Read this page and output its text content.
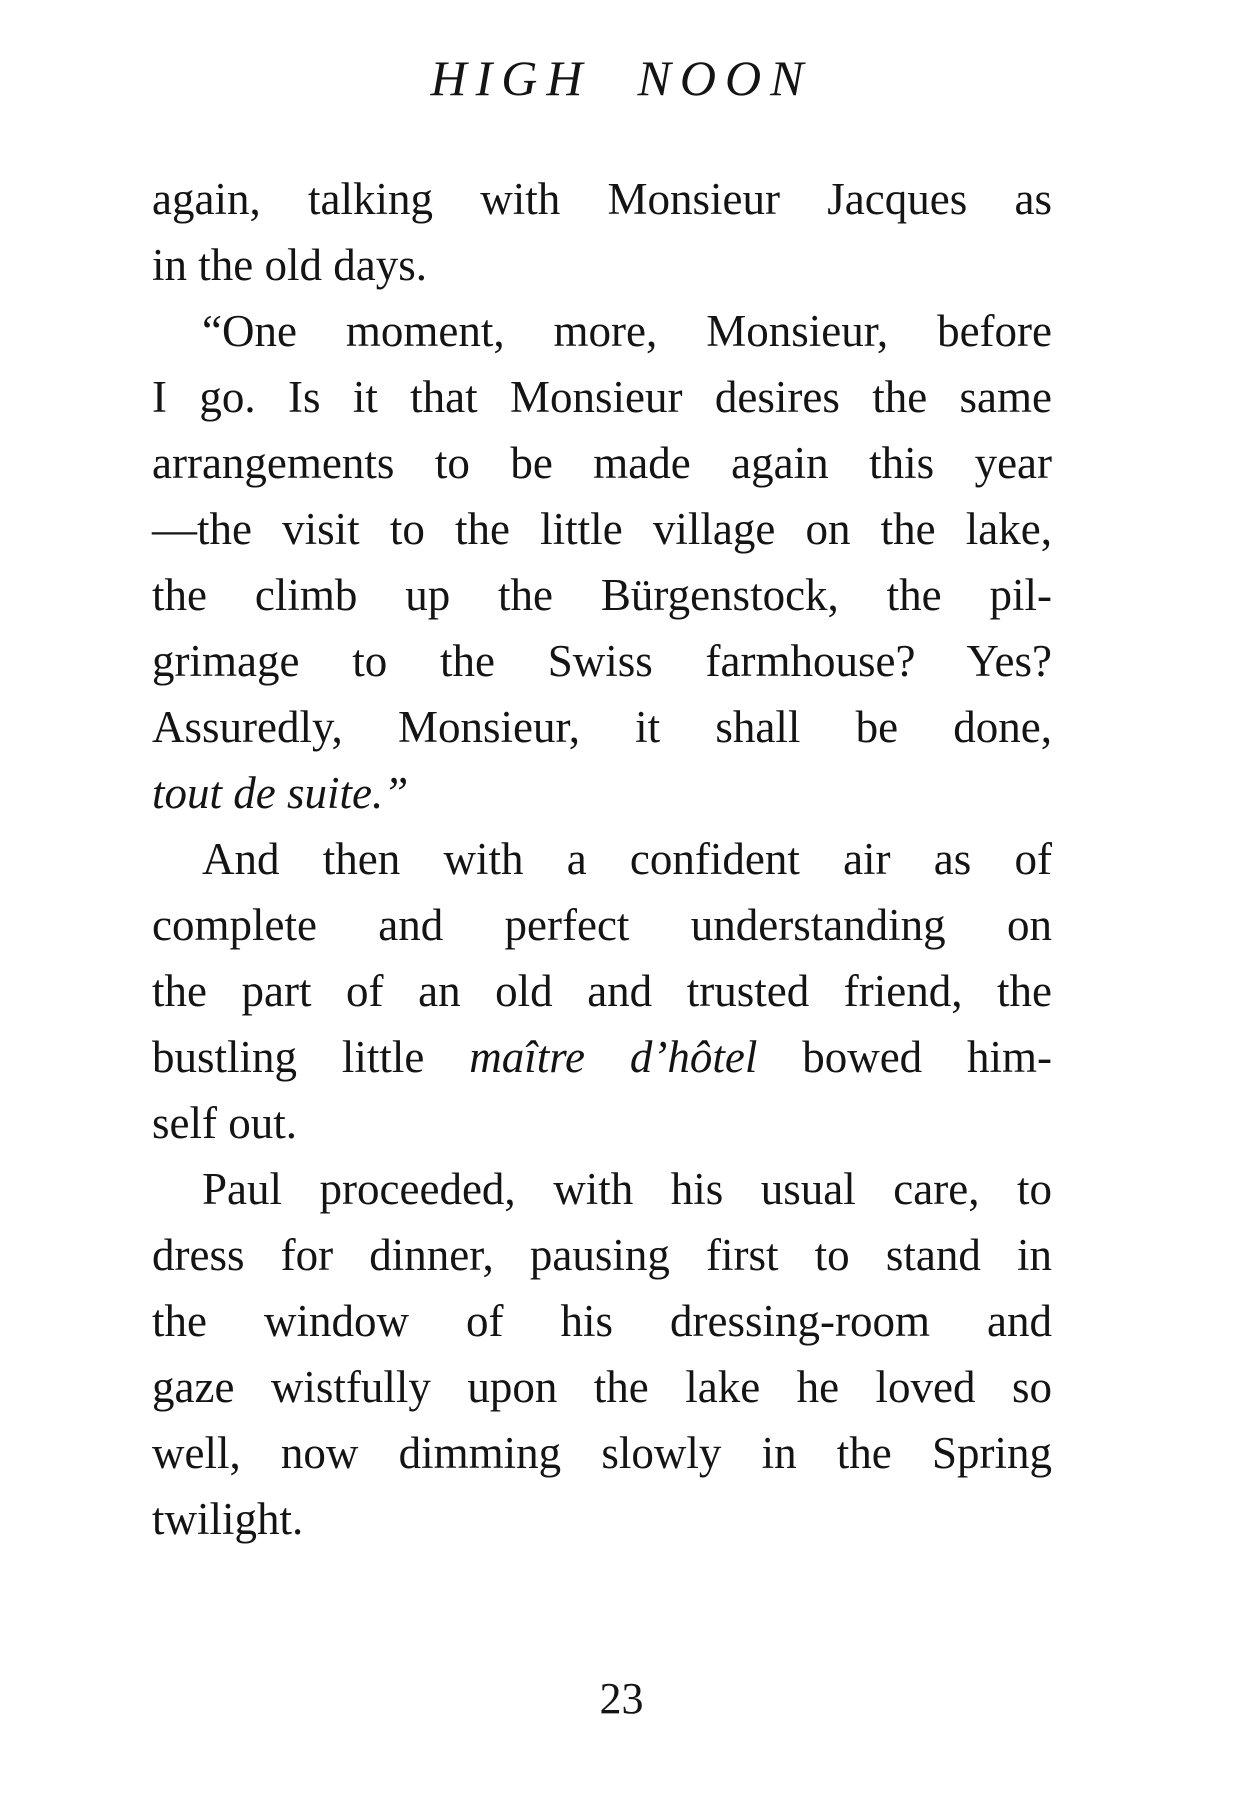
HIGH NOON
again, talking with Monsieur Jacques as
in the old days.
“One moment, more, Monsieur, before
I go. Is it that Monsieur desires the same
arrangements to be made again this year
—the visit to the little village on the lake,
the climb up the Bürgenstock, the pil-
grimage to the Swiss farmhouse? Yes?
Assuredly, Monsieur, it shall be done,
tout de suite.”
And then with a confident air as of
complete and perfect understanding on
the part of an old and trusted friend, the
bustling little maître d’hôtel bowed him-
self out.
Paul proceeded, with his usual care, to
dress for dinner, pausing first to stand in
the window of his dressing-room and
gaze wistfully upon the lake he loved so
well, now dimming slowly in the Spring
twilight.
23
